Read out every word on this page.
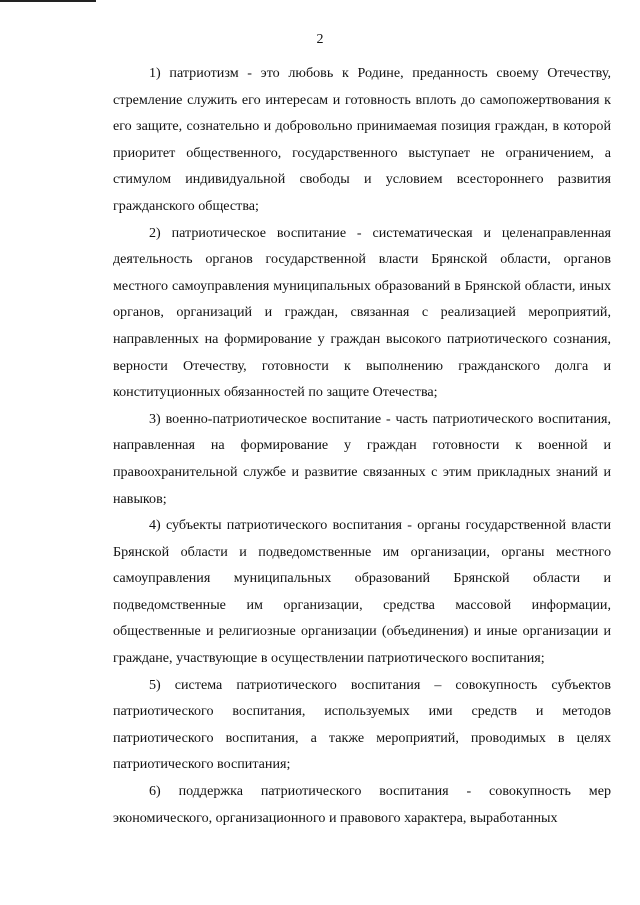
2

1) патриотизм - это любовь к Родине, преданность своему Отечеству, стремление служить его интересам и готовность вплоть до самопожертвования к его защите, сознательно и добровольно принимаемая позиция граждан, в которой приоритет общественного, государственного выступает не ограничением, а стимулом индивидуальной свободы и условием всестороннего развития гражданского общества;

2) патриотическое воспитание - систематическая и целенаправленная деятельность органов государственной власти Брянской области, органов местного самоуправления муниципальных образований в Брянской области, иных органов, организаций и граждан, связанная с реализацией мероприятий, направленных на формирование у граждан высокого патриотического сознания, верности Отечеству, готовности к выполнению гражданского долга и конституционных обязанностей по защите Отечества;

3) военно-патриотическое воспитание - часть патриотического воспитания, направленная на формирование у граждан готовности к военной и правоохранительной службе и развитие связанных с этим прикладных знаний и навыков;

4) субъекты патриотического воспитания - органы государственной власти Брянской области и подведомственные им организации, органы местного самоуправления муниципальных образований Брянской области и подведомственные им организации, средства массовой информации, общественные и религиозные организации (объединения) и иные организации и граждане, участвующие в осуществлении патриотического воспитания;

5) система патриотического воспитания – совокупность субъектов патриотического воспитания, используемых ими средств и методов патриотического воспитания, а также мероприятий, проводимых в целях патриотического воспитания;

6) поддержка патриотического воспитания - совокупность мер экономического, организационного и правового характера, выработанных
